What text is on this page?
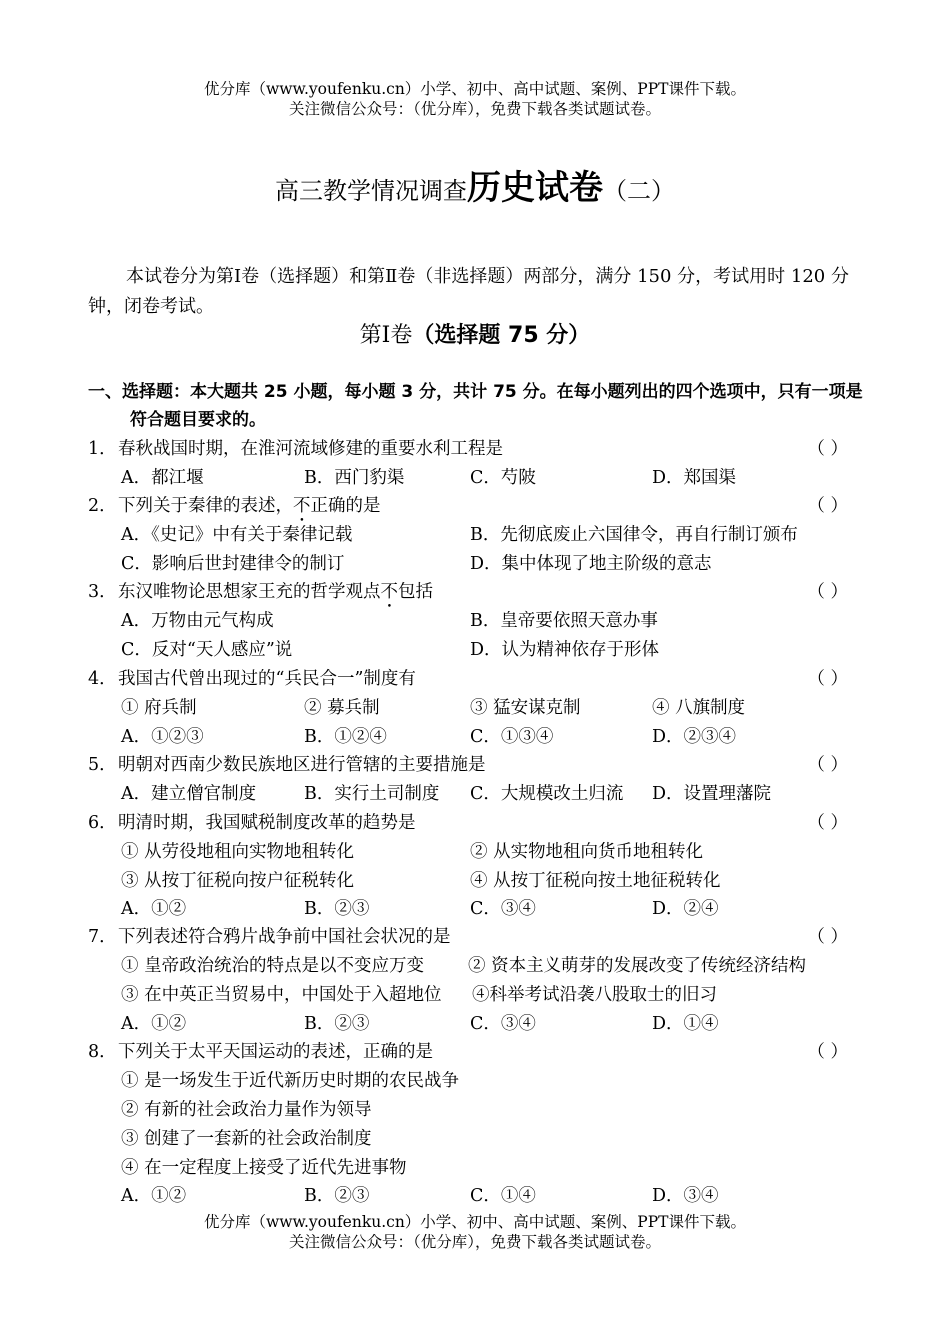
优分库（www.youfenku.cn）小学、初中、高中试题、案例、PPT课件下载。
关注微信公众号：（优分库），免费下载各类试题试卷。
高三教学情况调查历史试卷（二）
本试卷分为第Ⅰ卷（选择题）和第Ⅱ卷（非选择题）两部分，满分 150 分，考试用时 120 分钟，闭卷考试。
第Ⅰ卷（选择题 75 分）
一、选择题：本大题共 25 小题，每小题 3 分，共计 75 分。在每小题列出的四个选项中，只有一项是符合题目要求的。
1．春秋战国时期，在淮河流域修建的重要水利工程是	（ ）
A．都江堰	B．西门豹渠	C．芍陂	D．郑国渠
2．下列关于秦律的表述，不正确的是	（ ）
A．《史记》中有关于秦律记载	B．先彻底废止六国律令，再自行制订颁布
C．影响后世封建律令的制订	D．集中体现了地主阶级的意志
3．东汉唯物论思想家王充的哲学观点不包括	（ ）
A．万物由元气构成	B．皇帝要依照天意办事
C．反对“天人感应”说	D．认为精神依存于形体
4．我国古代曾出现过的“兵民合一”制度有	（ ）
① 府兵制	② 募兵制	③ 猛安谋克制	④ 八旗制度
A．①②③	B．①②④	C．①③④	D．②③④
5．明朝对西南少数民族地区进行管辖的主要措施是	（ ）
A．建立僧官制度	B．实行土司制度 C．大规模改土归流 D．设置理藩院
6．明清时期，我国赋税制度改革的趋势是	（ ）
① 从劳役地租向实物地租转化	② 从实物地租向货币地租转化
③ 从按丁征税向按户征税转化	④ 从按丁征税向按土地征税转化
A．①②	B．②③	C．③④	D．②④
7．下列表述符合鸦片战争前中国社会状况的是	（ ）
① 皇帝政治统治的特点是以不变应万变	② 资本主义萌芽的发展改变了传统经济结构
③ 在中英正当贸易中，中国处于入超地位 ④科举考试沿袭八股取士的旧习
A．①②	B．②③	C．③④	D．①④
8．下列关于太平天国运动的表述，正确的是	（ ）
① 是一场发生于近代新历史时期的农民战争
② 有新的社会政治力量作为领导
③ 创建了一套新的社会政治制度
④ 在一定程度上接受了近代先进事物
A．①②	B．②③	C．①④	D．③④
优分库（www.youfenku.cn）小学、初中、高中试题、案例、PPT课件下载。
关注微信公众号：（优分库），免费下载各类试题试卷。
